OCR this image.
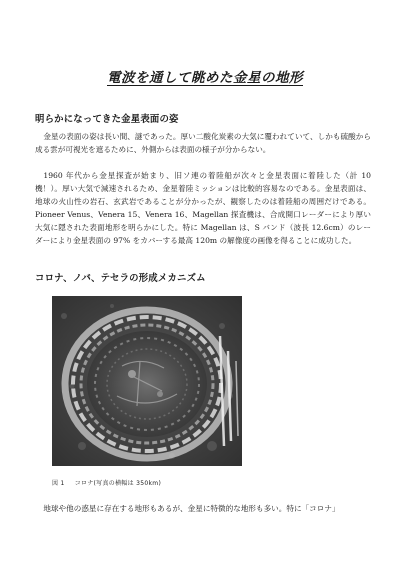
電波を通して眺めた金星の地形
明らかになってきた金星表面の姿

金星の表面の姿は長い間、謎であった。厚い二酸化炭素の大気に覆われていて、しかも硫酸から成る雲が可視光を遮るために、外側からは表面の様子が分からない。

1960 年代から金星探査が始まり、旧ソ連の着陸船が次々と金星表面に着陸した（計 10 機！）。厚い大気で減速されるため、金星着陸ミッションは比較的容易なのである。金星表面は、地球の火山性の岩石、玄武岩であることが分かったが、観察したのは着陸船の周囲だけである。Pioneer Venus、Venera 15、Venera 16、Magellan 探査機は、合成開口レーダーにより厚い大気に隠された表面地形を明らかにした。特に Magellan は、S バンド（波長 12.6cm）のレーダーにより金星表面の 97% をカバーする最高 120m の解像度の画像を得ることに成功した。

コロナ、ノバ、テセラの形成メカニズム
図 1 コロナ(写真の横幅は 350km)

地球や他の惑星に存在する地形もあるが、金星に特徴的な地形も多い。特に「コロナ」
